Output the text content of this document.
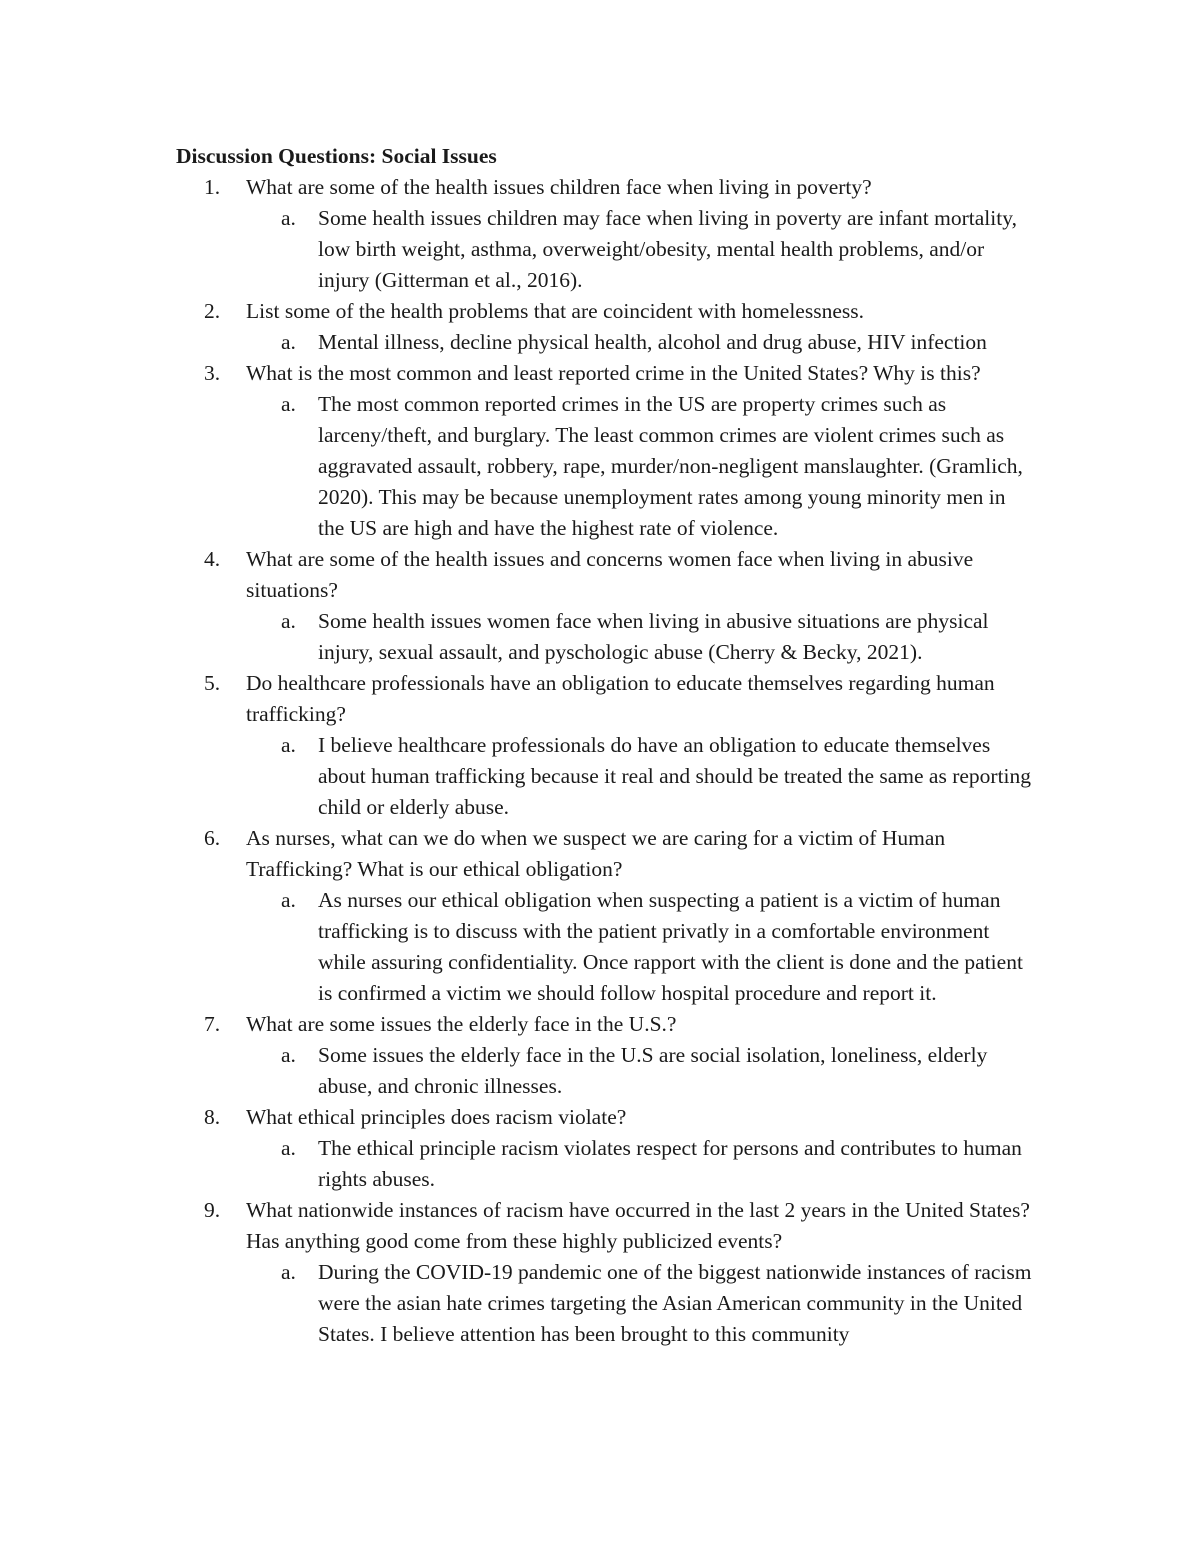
Discussion Questions: Social Issues
1. What are some of the health issues children face when living in poverty?
a. Some health issues children may face when living in poverty are infant mortality, low birth weight, asthma, overweight/obesity, mental health problems, and/or injury (Gitterman et al., 2016).
2. List some of the health problems that are coincident with homelessness.
a. Mental illness, decline physical health, alcohol and drug abuse, HIV infection
3. What is the most common and least reported crime in the United States? Why is this?
a. The most common reported crimes in the US are property crimes such as larceny/theft, and burglary. The least common crimes are violent crimes such as aggravated assault, robbery, rape, murder/non-negligent manslaughter. (Gramlich, 2020). This may be because unemployment rates among young minority men in the US are high and have the highest rate of violence.
4. What are some of the health issues and concerns women face when living in abusive situations?
a. Some health issues women face when living in abusive situations are physical injury, sexual assault, and pyschologic abuse (Cherry & Becky, 2021).
5. Do healthcare professionals have an obligation to educate themselves regarding human trafficking?
a. I believe healthcare professionals do have an obligation to educate themselves about human trafficking because it real and should be treated the same as reporting child or elderly abuse.
6. As nurses, what can we do when we suspect we are caring for a victim of Human Trafficking? What is our ethical obligation?
a. As nurses our ethical obligation when suspecting a patient is a victim of human trafficking is to discuss with the patient privatly in a comfortable environment while assuring confidentiality. Once rapport with the client is done and the patient is confirmed a victim we should follow hospital procedure and report it.
7. What are some issues the elderly face in the U.S.?
a. Some issues the elderly face in the U.S are social isolation, loneliness, elderly abuse, and chronic illnesses.
8. What ethical principles does racism violate?
a. The ethical principle racism violates respect for persons and contributes to human rights abuses.
9. What nationwide instances of racism have occurred in the last 2 years in the United States? Has anything good come from these highly publicized events?
a. During the COVID-19 pandemic one of the biggest nationwide instances of racism were the asian hate crimes targeting the Asian American community in the United States. I believe attention has been brought to this community
